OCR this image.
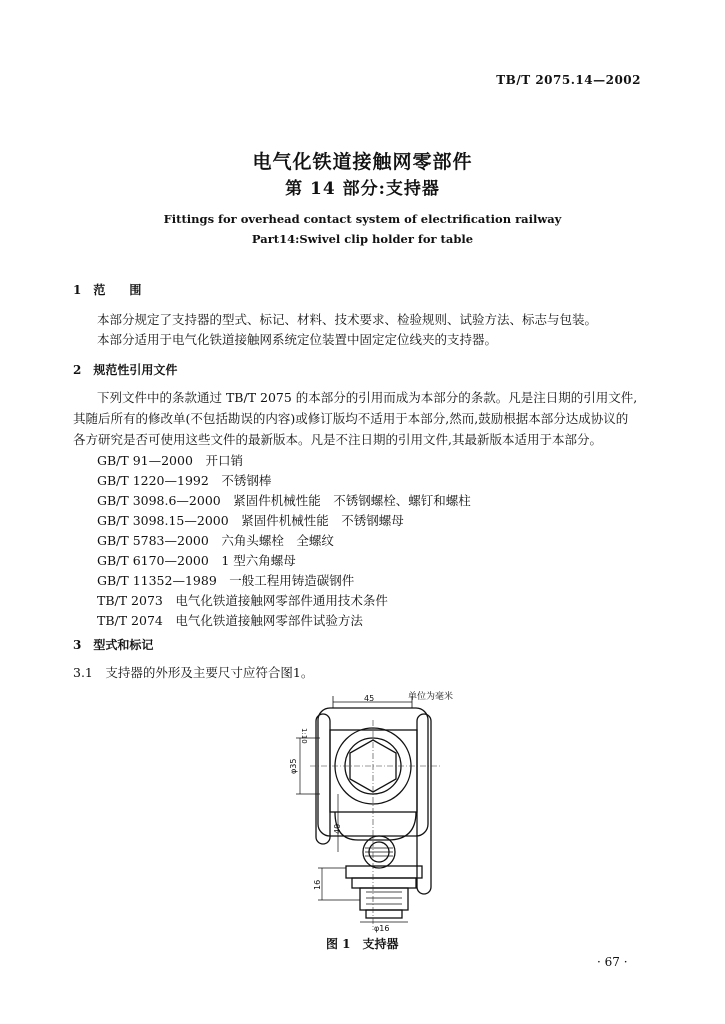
TB/T 2075.14—2002
电气化铁道接触网零部件
第 14 部分:支持器
Fittings for overhead contact system of electrification railway
Part14:Swivel clip holder for table
1　范　　围
本部分规定了支持器的型式、标记、材料、技术要求、检验规则、试验方法、标志与包装。
本部分适用于电气化铁道接触网系统定位装置中固定定位线夹的支持器。
2　规范性引用文件
下列文件中的条款通过 TB/T 2075 的本部分的引用而成为本部分的条款。凡是注日期的引用文件,
其随后所有的修改单(不包括勘误的内容)或修订版均不适用于本部分,然而,鼓励根据本部分达成协议的
各方研究是否可使用这些文件的最新版本。凡是不注日期的引用文件,其最新版本适用于本部分。
GB/T 91—2000　 开口销
GB/T 1220—1992　 不锈钢棒
GB/T 3098.6—2000　 紧固件机械性能　不锈钢螺栓、螺钉和螺柱
GB/T 3098.15—2000　 紧固件机械性能　不锈钢螺母
GB/T 5783—2000　 六角头螺栓　全螺纹
GB/T 6170—2000　 1 型六角螺母
GB/T 11352—1989　 一般工程用铸造碳钢件
TB/T 2073　 电气化铁道接触网零部件通用技术条件
TB/T 2074　 电气化铁道接触网零部件试验方法
3　型式和标记
3.1　支持器的外形及主要尺寸应符合图1。
单位为毫米
1:10
φ35
40
16
φ16
45
图 1　支持器
· 67 ·
